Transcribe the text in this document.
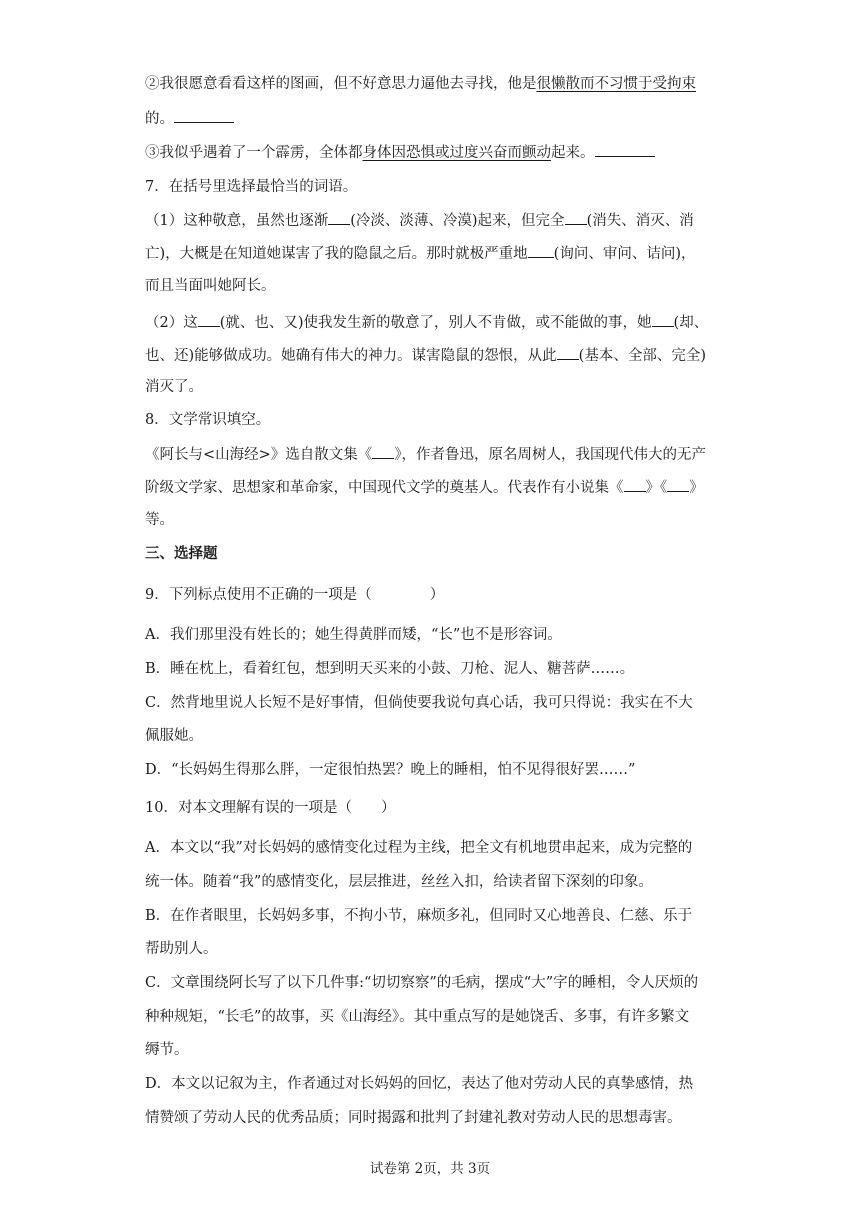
②我很愿意看看这样的图画，但不好意思力逼他去寻找，他是很懒散而不习惯于受拘束
的。
③我似乎遇着了一个霹雳，全体都身体因恐惧或过度兴奋而颤动起来。
7．在括号里选择最恰当的词语。
（1）这种敬意，虽然也逐渐 (冷淡、淡薄、冷漠)起来，但完全 (消失、消灭、消
亡)，大概是在知道她谋害了我的隐鼠之后。那时就极严重地 (询问、审问、诘问)，
而且当面叫她阿长。
（2）这 (就、也、又)使我发生新的敬意了，别人不肯做，或不能做的事，她 (却、
也、还)能够做成功。她确有伟大的神力。谋害隐鼠的怨恨，从此 (基本、全部、完全)
消灭了。
8．文学常识填空。
《阿长与<山海经>》选自散文集《 》，作者鲁迅，原名周树人，我国现代伟大的无产
阶级文学家、思想家和革命家，中国现代文学的奠基人。代表作有小说集《 》《 》
等。
三、选择题
9．下列标点使用不正确的一项是（　　　　）
A．我们那里没有姓长的；她生得黄胖而矮，“长”也不是形容词。
B．睡在枕上，看着红包，想到明天买来的小鼓、刀枪、泥人、糖菩萨……。
C．然背地里说人长短不是好事情，但倘使要我说句真心话，我可只得说：我实在不大
佩服她。
D．“长妈妈生得那么胖，一定很怕热罢？晚上的睡相，怕不见得很好罢……”
10．对本文理解有误的一项是（　　）
A．本文以“我”对长妈妈的感情变化过程为主线，把全文有机地贯串起来，成为完整的
统一体。随着“我”的感情变化，层层推进，丝丝入扣，给读者留下深刻的印象。
B．在作者眼里，长妈妈多事，不拘小节，麻烦多礼，但同时又心地善良、仁慈、乐于
帮助别人。
C．文章围绕阿长写了以下几件事:“切切察察”的毛病，摆成“大”字的睡相，令人厌烦的
种种规矩，“长毛”的故事，买《山海经》。其中重点写的是她饶舌、多事，有许多繁文
缛节。
D．本文以记叙为主，作者通过对长妈妈的回忆，表达了他对劳动人民的真挚感情，热
情赞颂了劳动人民的优秀品质；同时揭露和批判了封建礼教对劳动人民的思想毒害。
试卷第 2页，共 3页
